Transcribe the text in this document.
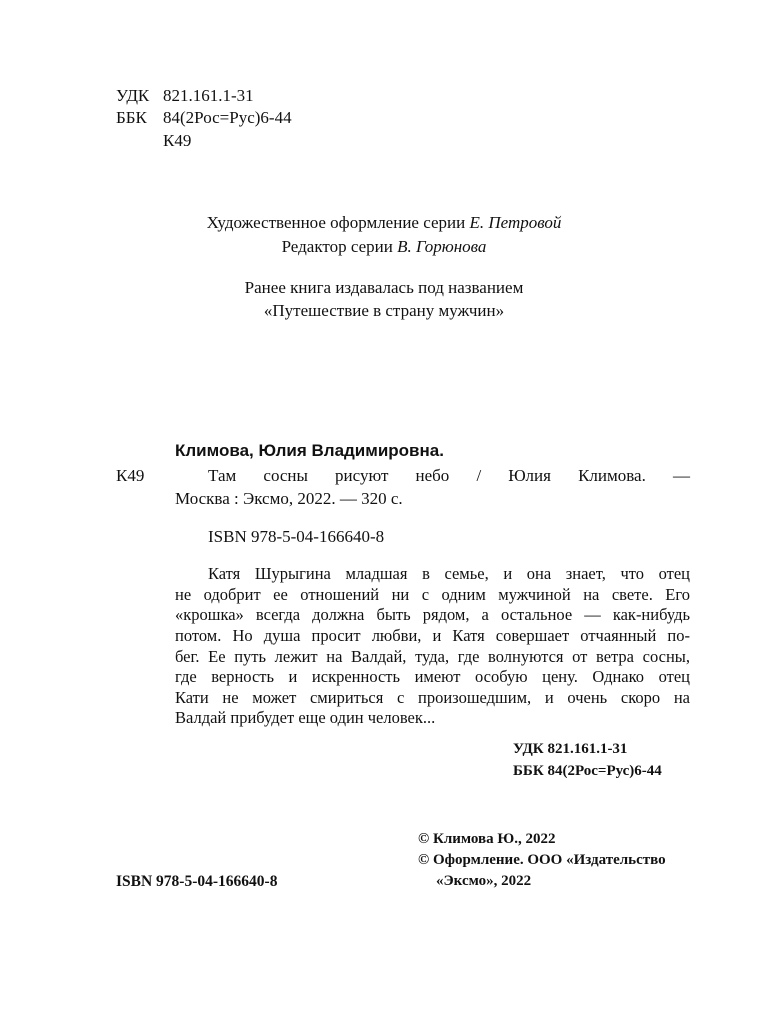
УДК 821.161.1-31
ББК 84(2Рос=Рус)6-44
К49
Художественное оформление серии Е. Петровой
Редактор серии В. Горюнова
Ранее книга издавалась под названием
«Путешествие в страну мужчин»
Климова, Юлия Владимировна.
К49	Там сосны рисуют небо / Юлия Климова. —
Москва : Эксмо, 2022. — 320 с.
ISBN 978-5-04-166640-8
Катя Шурыгина младшая в семье, и она знает, что отец
не одобрит ее отношений ни с одним мужчиной на свете. Его
«крошка» всегда должна быть рядом, а остальное — как-нибудь
потом. Но душа просит любви, и Катя совершает отчаянный по-
бег. Ее путь лежит на Валдай, туда, где волнуются от ветра сосны,
где верность и искренность имеют особую цену. Однако отец
Кати не может смириться с произошедшим, и очень скоро на
Валдай прибудет еще один человек...
УДК 821.161.1-31
ББК 84(2Рос=Рус)6-44
© Климова Ю., 2022
© Оформление. ООО «Издательство
«Эксмо», 2022
ISBN 978-5-04-166640-8
